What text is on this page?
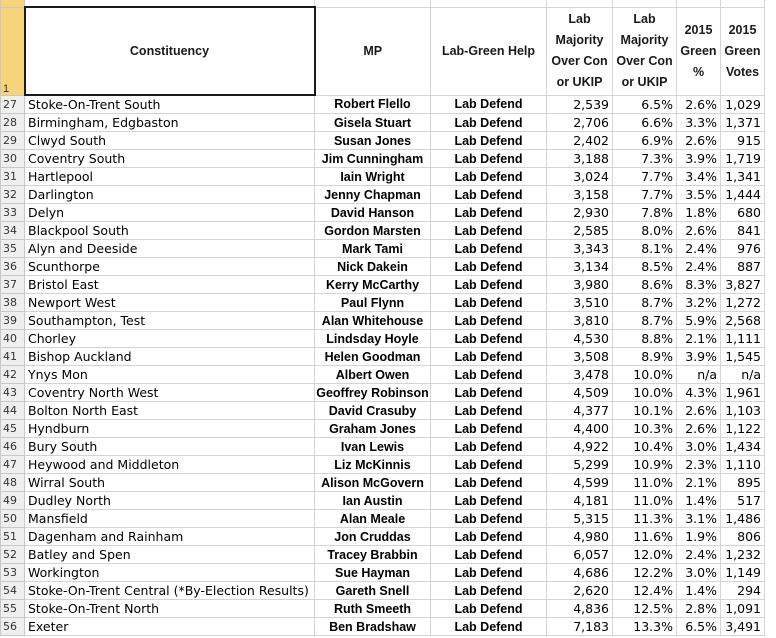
1	Constituency	MP	Lab-Green Help	Lab Majority Over Con or UKIP	Lab Majority Over Con or UKIP	2015 Green %	2015 Green Votes
27	Stoke-On-Trent South	Robert Flello	Lab Defend	2,539	6.5%	2.6%	1,029
28	Birmingham, Edgbaston	Gisela Stuart	Lab Defend	2,706	6.6%	3.3%	1,371
29	Clwyd South	Susan Jones	Lab Defend	2,402	6.9%	2.6%	915
30	Coventry South	Jim Cunningham	Lab Defend	3,188	7.3%	3.9%	1,719
31	Hartlepool	Iain Wright	Lab Defend	3,024	7.7%	3.4%	1,341
32	Darlington	Jenny Chapman	Lab Defend	3,158	7.7%	3.5%	1,444
33	Delyn	David Hanson	Lab Defend	2,930	7.8%	1.8%	680
34	Blackpool South	Gordon Marsten	Lab Defend	2,585	8.0%	2.6%	841
35	Alyn and Deeside	Mark Tami	Lab Defend	3,343	8.1%	2.4%	976
36	Scunthorpe	Nick Dakein	Lab Defend	3,134	8.5%	2.4%	887
37	Bristol East	Kerry McCarthy	Lab Defend	3,980	8.6%	8.3%	3,827
38	Newport West	Paul Flynn	Lab Defend	3,510	8.7%	3.2%	1,272
39	Southampton, Test	Alan Whitehouse	Lab Defend	3,810	8.7%	5.9%	2,568
40	Chorley	Lindsday Hoyle	Lab Defend	4,530	8.8%	2.1%	1,111
41	Bishop Auckland	Helen Goodman	Lab Defend	3,508	8.9%	3.9%	1,545
42	Ynys Mon	Albert Owen	Lab Defend	3,478	10.0%	n/a	n/a
43	Coventry North West	Geoffrey Robinson	Lab Defend	4,509	10.0%	4.3%	1,961
44	Bolton North East	David Crasuby	Lab Defend	4,377	10.1%	2.6%	1,103
45	Hyndburn	Graham Jones	Lab Defend	4,400	10.3%	2.6%	1,122
46	Bury South	Ivan Lewis	Lab Defend	4,922	10.4%	3.0%	1,434
47	Heywood and Middleton	Liz McKinnis	Lab Defend	5,299	10.9%	2.3%	1,110
48	Wirral South	Alison McGovern	Lab Defend	4,599	11.0%	2.1%	895
49	Dudley North	Ian Austin	Lab Defend	4,181	11.0%	1.4%	517
50	Mansfield	Alan Meale	Lab Defend	5,315	11.3%	3.1%	1,486
51	Dagenham and Rainham	Jon Cruddas	Lab Defend	4,980	11.6%	1.9%	806
52	Batley and Spen	Tracey Brabbin	Lab Defend	6,057	12.0%	2.4%	1,232
53	Workington	Sue Hayman	Lab Defend	4,686	12.2%	3.0%	1,149
54	Stoke-On-Trent Central (*By-Election Results)	Gareth Snell	Lab Defend	2,620	12.4%	1.4%	294
55	Stoke-On-Trent North	Ruth Smeeth	Lab Defend	4,836	12.5%	2.8%	1,091
56	Exeter	Ben Bradshaw	Lab Defend	7,183	13.3%	6.5%	3,491
